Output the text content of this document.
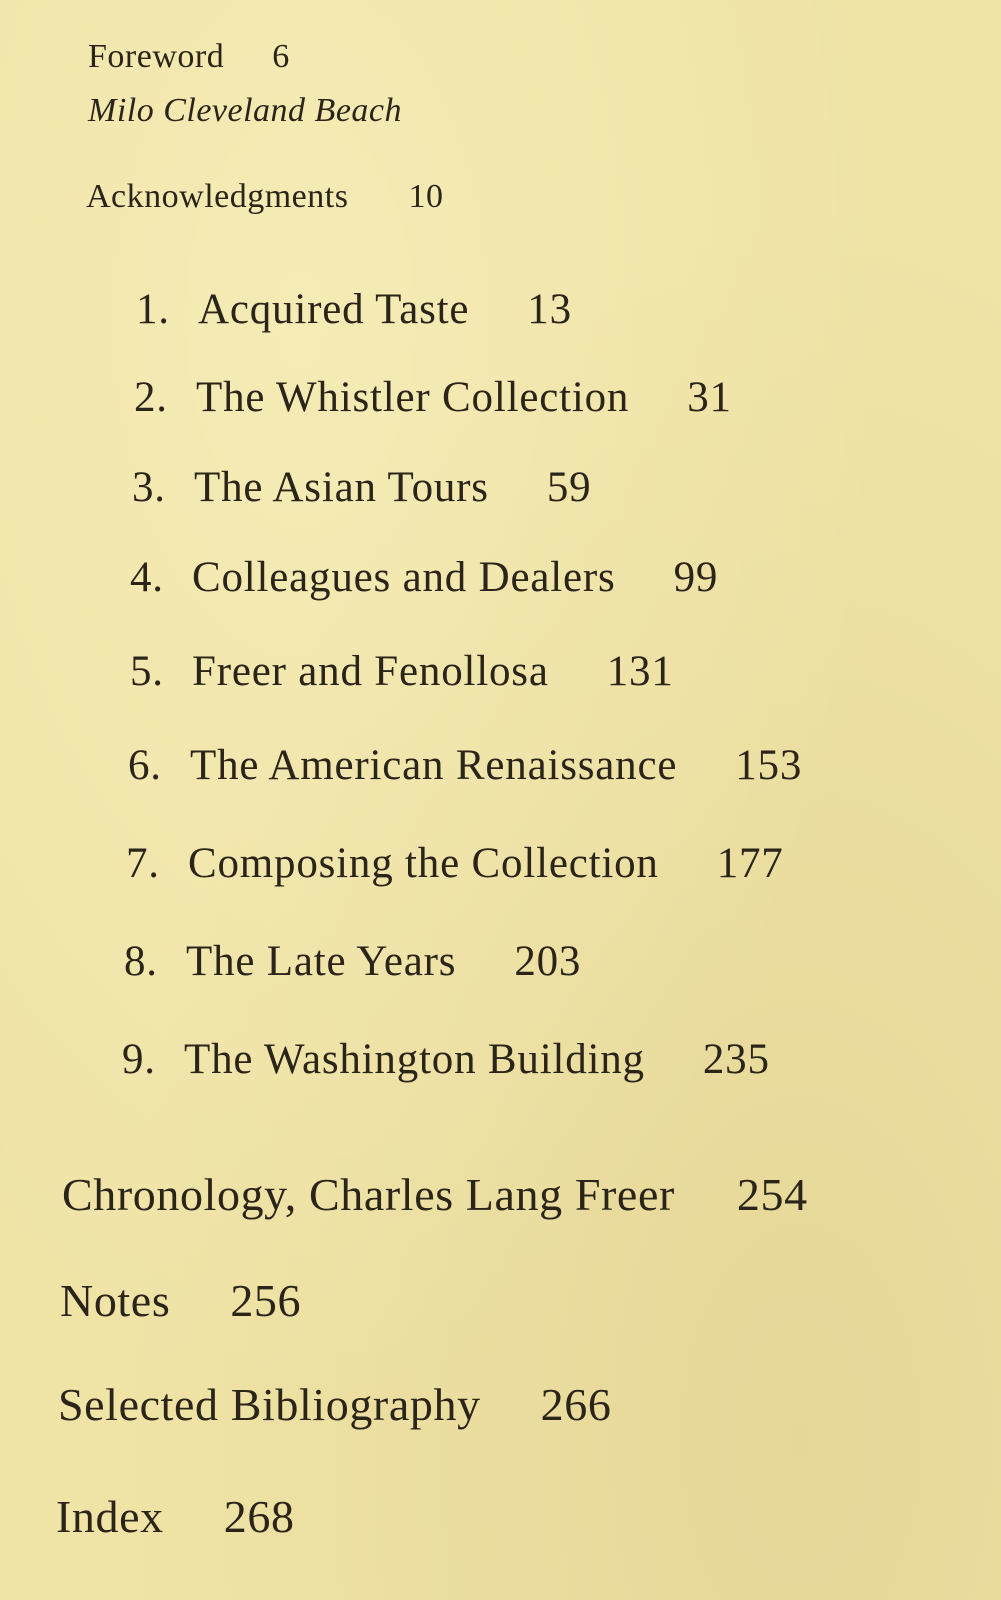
Foreword 6
Milo Cleveland Beach
Acknowledgments 10
1. Acquired Taste 13
2. The Whistler Collection 31
3. The Asian Tours 59
4. Colleagues and Dealers 99
5. Freer and Fenollosa 131
6. The American Renaissance 153
7. Composing the Collection 177
8. The Late Years 203
9. The Washington Building 235
Chronology, Charles Lang Freer 254
Notes 256
Selected Bibliography 266
Index 268
